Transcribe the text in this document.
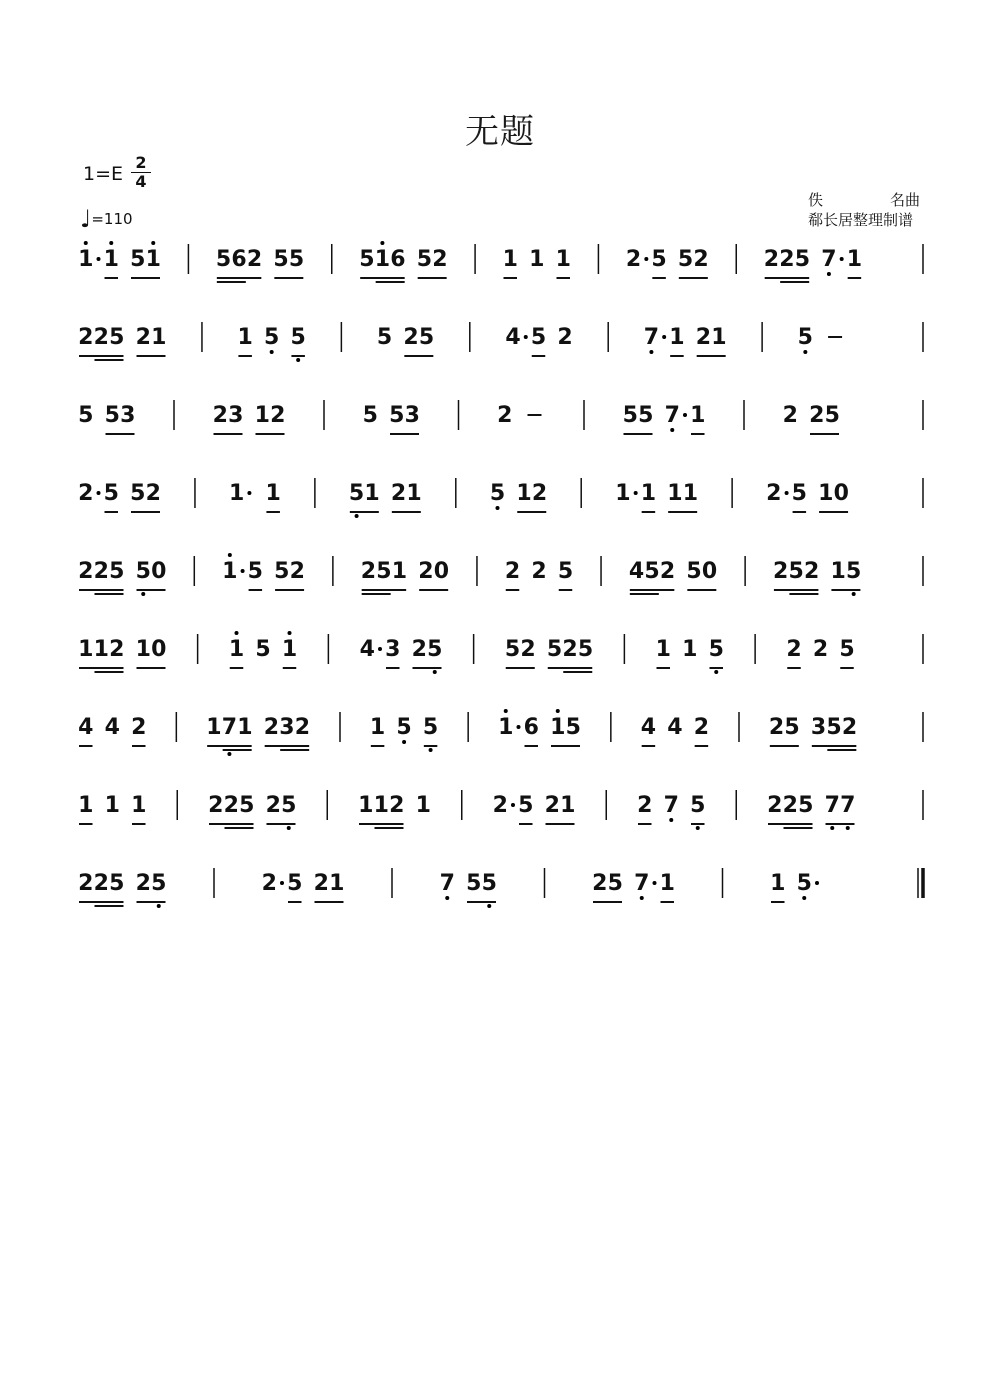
无题
$1=E \frac{2}{4}$
♩=110
佚	名曲
郗长居整理制谱
1 1 5 1	5 6 2 5 5	5 1 6 5 2	1 1 1	2 5 5 2	2 2 5 7 1
2 2 5 2 1	1 5 5	5 2 5	4 5 2	7 1 2 1	5
5 5 3	2 3 1 2	5 5 3	2	5 5 7 1	2 2 5
2 5 5 2	1 1	5 1 2 1	5 1 2	1 1 1 1	2 5 1 0
2 2 5 5 0	1 5 5 2	2 5 1 2 0	2 2 5	4 5 2 5 0	2 5 2 1 5
1 1 2 1 0	1 5 1	4 3 2 5	5 2 5 2 5	1 1 5	2 2 5
4 4 2	1 7 1 2 3 2	1 5 5	1 6 1 5	4 4 2	2 5 3 5 2
1 1 1	2 2 5 2 5	1 1 2 1	2 5 2 1	2 7 5	2 2 5 7 7
2 2 5 2 5	2 5 2 1	7 5 5	2 5 7 1	1 5
